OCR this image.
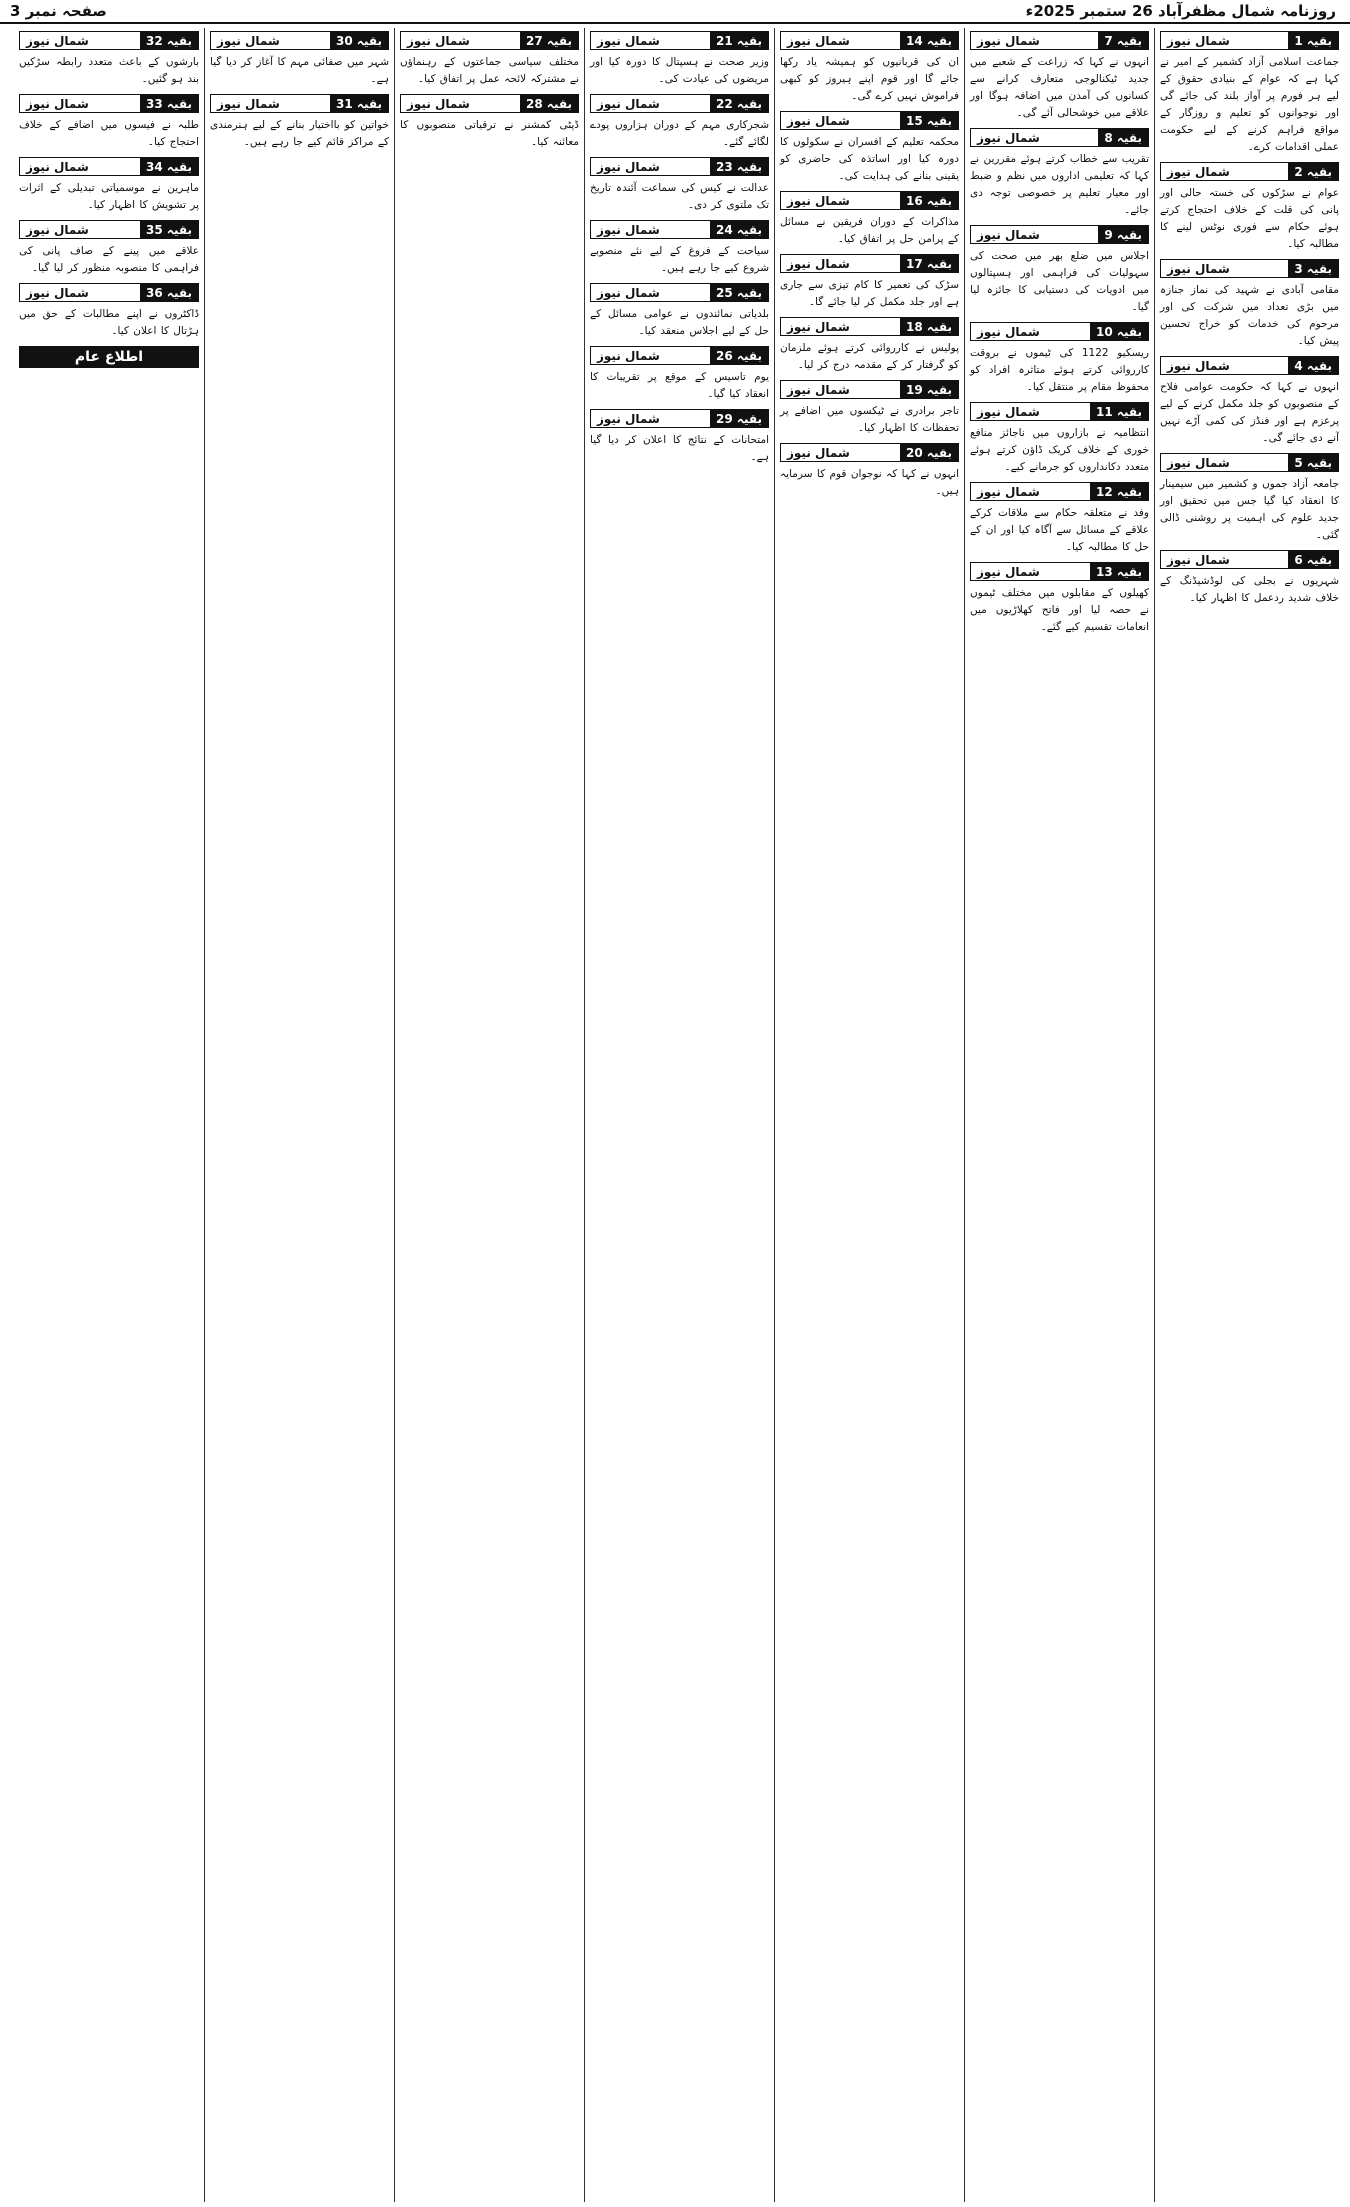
صفحہ نمبر 3	روزنامہ شمال مظفرآباد 26 ستمبر 2025ء
بقیہ 1
شمال نیوز
جماعت اسلامی آزاد کشمیر کے امیر نے کہا ہے کہ عوام کے بنیادی حقوق کے لیے ہر فورم پر آواز بلند کی جائے گی اور نوجوانوں کو تعلیم و روزگار کے مواقع فراہم کرنے کے لیے حکومت عملی اقدامات کرے۔
بقیہ 2
شمال نیوز
عوام نے سڑکوں کی خستہ حالی اور پانی کی قلت کے خلاف احتجاج کرتے ہوئے حکام سے فوری نوٹس لینے کا مطالبہ کیا۔
بقیہ 3
شمال نیوز
مقامی آبادی نے شہید کی نماز جنازہ میں بڑی تعداد میں شرکت کی اور مرحوم کی خدمات کو خراج تحسین پیش کیا۔
بقیہ 4
شمال نیوز
انہوں نے کہا کہ حکومت عوامی فلاح کے منصوبوں کو جلد مکمل کرنے کے لیے پرعزم ہے اور فنڈز کی کمی آڑے نہیں آنے دی جائے گی۔
بقیہ 5
شمال نیوز
جامعہ آزاد جموں و کشمیر میں سیمینار کا انعقاد کیا گیا جس میں تحقیق اور جدید علوم کی اہمیت پر روشنی ڈالی گئی۔
بقیہ 6
شمال نیوز
شہریوں نے بجلی کی لوڈشیڈنگ کے خلاف شدید ردعمل کا اظہار کیا۔
بقیہ 7
شمال نیوز
انہوں نے کہا کہ زراعت کے شعبے میں جدید ٹیکنالوجی متعارف کرانے سے کسانوں کی آمدن میں اضافہ ہوگا اور علاقے میں خوشحالی آئے گی۔
بقیہ 8
شمال نیوز
تقریب سے خطاب کرتے ہوئے مقررین نے کہا کہ تعلیمی اداروں میں نظم و ضبط اور معیار تعلیم پر خصوصی توجہ دی جائے۔
بقیہ 9
شمال نیوز
اجلاس میں ضلع بھر میں صحت کی سہولیات کی فراہمی اور ہسپتالوں میں ادویات کی دستیابی کا جائزہ لیا گیا۔
بقیہ 10
شمال نیوز
ریسکیو 1122 کی ٹیموں نے بروقت کارروائی کرتے ہوئے متاثرہ افراد کو محفوظ مقام پر منتقل کیا۔
بقیہ 11
شمال نیوز
انتظامیہ نے بازاروں میں ناجائز منافع خوری کے خلاف کریک ڈاؤن کرتے ہوئے متعدد دکانداروں کو جرمانے کیے۔
بقیہ 12
شمال نیوز
وفد نے متعلقہ حکام سے ملاقات کرکے علاقے کے مسائل سے آگاہ کیا اور ان کے حل کا مطالبہ کیا۔
بقیہ 13
شمال نیوز
کھیلوں کے مقابلوں میں مختلف ٹیموں نے حصہ لیا اور فاتح کھلاڑیوں میں انعامات تقسیم کیے گئے۔
بقیہ 14
شمال نیوز
ان کی قربانیوں کو ہمیشہ یاد رکھا جائے گا اور قوم اپنے ہیروز کو کبھی فراموش نہیں کرے گی۔
بقیہ 15
شمال نیوز
محکمہ تعلیم کے افسران نے سکولوں کا دورہ کیا اور اساتذہ کی حاضری کو یقینی بنانے کی ہدایت کی۔
بقیہ 16
شمال نیوز
مذاکرات کے دوران فریقین نے مسائل کے پرامن حل پر اتفاق کیا۔
بقیہ 17
شمال نیوز
سڑک کی تعمیر کا کام تیزی سے جاری ہے اور جلد مکمل کر لیا جائے گا۔
بقیہ 18
شمال نیوز
پولیس نے کارروائی کرتے ہوئے ملزمان کو گرفتار کر کے مقدمہ درج کر لیا۔
بقیہ 19
شمال نیوز
تاجر برادری نے ٹیکسوں میں اضافے پر تحفظات کا اظہار کیا۔
بقیہ 20
شمال نیوز
انہوں نے کہا کہ نوجوان قوم کا سرمایہ ہیں۔
بقیہ 21
شمال نیوز
وزیر صحت نے ہسپتال کا دورہ کیا اور مریضوں کی عیادت کی۔
بقیہ 22
شمال نیوز
شجرکاری مہم کے دوران ہزاروں پودے لگائے گئے۔
بقیہ 23
شمال نیوز
عدالت نے کیس کی سماعت آئندہ تاریخ تک ملتوی کر دی۔
بقیہ 24
شمال نیوز
سیاحت کے فروغ کے لیے نئے منصوبے شروع کیے جا رہے ہیں۔
بقیہ 25
شمال نیوز
بلدیاتی نمائندوں نے عوامی مسائل کے حل کے لیے اجلاس منعقد کیا۔
بقیہ 26
شمال نیوز
یوم تاسیس کے موقع پر تقریبات کا انعقاد کیا گیا۔
بقیہ 29
شمال نیوز
امتحانات کے نتائج کا اعلان کر دیا گیا ہے۔
بقیہ 27
شمال نیوز
مختلف سیاسی جماعتوں کے رہنماؤں نے مشترکہ لائحہ عمل پر اتفاق کیا۔
بقیہ 28
شمال نیوز
ڈپٹی کمشنر نے ترقیاتی منصوبوں کا معائنہ کیا۔
بقیہ 30
شمال نیوز
شہر میں صفائی مہم کا آغاز کر دیا گیا ہے۔
بقیہ 31
شمال نیوز
خواتین کو بااختیار بنانے کے لیے ہنرمندی کے مراکز قائم کیے جا رہے ہیں۔
بقیہ 32
شمال نیوز
بارشوں کے باعث متعدد رابطہ سڑکیں بند ہو گئیں۔
بقیہ 33
شمال نیوز
طلبہ نے فیسوں میں اضافے کے خلاف احتجاج کیا۔
بقیہ 34
شمال نیوز
ماہرین نے موسمیاتی تبدیلی کے اثرات پر تشویش کا اظہار کیا۔
بقیہ 35
شمال نیوز
علاقے میں پینے کے صاف پانی کی فراہمی کا منصوبہ منظور کر لیا گیا۔
بقیہ 36
شمال نیوز
ڈاکٹروں نے اپنے مطالبات کے حق میں ہڑتال کا اعلان کیا۔
اطلاع عام
